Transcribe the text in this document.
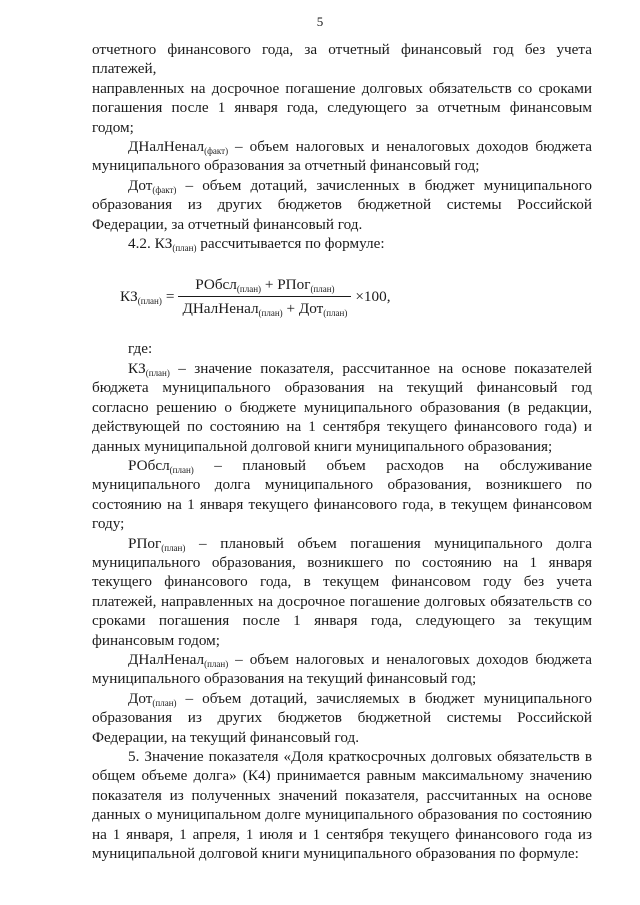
5

отчетного финансового года, за отчетный финансовый год без учета платежей,

направленных на досрочное погашение долговых обязательств со сроками

погашения после 1 января года, следующего за отчетным финансовым годом;

ДНалНенал$_{(факт)}$ – объем налоговых и неналоговых доходов бюджета муниципального образования за отчетный финансовый год;

Дот$_{(факт)}$ – объем дотаций, зачисленных в бюджет муниципального образования из других бюджетов бюджетной системы Российской Федерации, за отчетный финансовый год.

4.2. $КЗ_{(план)}$ рассчитывается по формуле:

$КЗ_{(план)} = \frac{РОбсл_{(план)} + РПог_{(план)}}{ДНалНенал_{(план)} + Дот_{(план)}} \times 100$,

где:

$КЗ_{(план)}$ – значение показателя, рассчитанное на основе показателей бюджета муниципального образования на текущий финансовый год согласно решению о бюджете муниципального образования (в редакции, действующей по состоянию на 1 сентября текущего финансового года) и данных муниципальной долговой книги муниципального образования;

РОбсл$_{(план)}$ – плановый объем расходов на обслуживание муниципального долга муниципального образования, возникшего по состоянию на 1 января текущего финансового года, в текущем финансовом году;

РПог$_{(план)}$ – плановый объем погашения муниципального долга муниципального образования, возникшего по состоянию на 1 января текущего финансового года, в текущем финансовом году без учета платежей, направленных на досрочное погашение долговых обязательств со сроками погашения после 1 января года, следующего за текущим финансовым годом;

ДНалНенал$_{(план)}$ – объем налоговых и неналоговых доходов бюджета муниципального образования на текущий финансовый год;

Дот$_{(план)}$ – объем дотаций, зачисляемых в бюджет муниципального образования из других бюджетов бюджетной системы Российской Федерации, на текущий финансовый год.

5. Значение показателя «Доля краткосрочных долговых обязательств в общем объеме долга» (К4) принимается равным максимальному значению показателя из полученных значений показателя, рассчитанных на основе данных о муниципальном долге муниципального образования по состоянию на 1 января, 1 апреля, 1 июля и 1 сентября текущего финансового года из муниципальной долговой книги муниципального образования по формуле:
